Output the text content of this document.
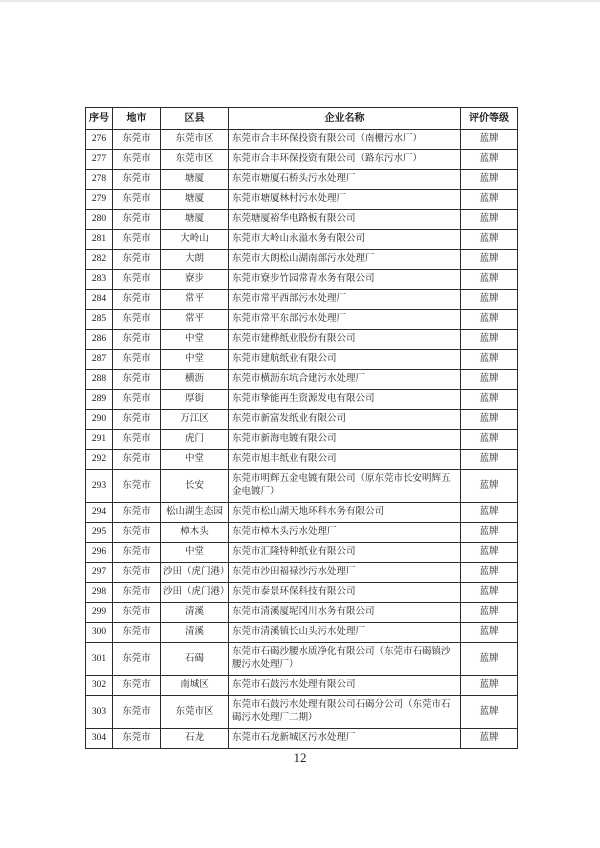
序号	地市	区县	企业名称	评价等级
276	东莞市	东莞市区	东莞市合丰环保投资有限公司（南栅污水厂）	蓝牌
277	东莞市	东莞市区	东莞市合丰环保投资有限公司（路东污水厂）	蓝牌
278	东莞市	塘厦	东莞市塘厦石桥头污水处理厂	蓝牌
279	东莞市	塘厦	东莞市塘厦林村污水处理厂	蓝牌
280	东莞市	塘厦	东莞塘厦裕华电路板有限公司	蓝牌
281	东莞市	大岭山	东莞市大岭山永溢水务有限公司	蓝牌
282	东莞市	大朗	东莞市大朗松山湖南部污水处理厂	蓝牌
283	东莞市	寮步	东莞市寮步竹园常青水务有限公司	蓝牌
284	东莞市	常平	东莞市常平西部污水处理厂	蓝牌
285	东莞市	常平	东莞市常平东部污水处理厂	蓝牌
286	东莞市	中堂	东莞市建桦纸业股份有限公司	蓝牌
287	东莞市	中堂	东莞市建航纸业有限公司	蓝牌
288	东莞市	横沥	东莞市横沥东坑合建污水处理厂	蓝牌
289	东莞市	厚街	东莞市挚能再生资源发电有限公司	蓝牌
290	东莞市	万江区	东莞市新富发纸业有限公司	蓝牌
291	东莞市	虎门	东莞市新海电镀有限公司	蓝牌
292	东莞市	中堂	东莞市旭丰纸业有限公司	蓝牌
293	东莞市	长安	东莞市明辉五金电镀有限公司（原东莞市长安明辉五金电镀厂）	蓝牌
294	东莞市	松山湖生态园	东莞市松山湖天地环科水务有限公司	蓝牌
295	东莞市	樟木头	东莞市樟木头污水处理厂	蓝牌
296	东莞市	中堂	东莞市汇隆特种纸业有限公司	蓝牌
297	东莞市	沙田（虎门港）	东莞市沙田福禄沙污水处理厂	蓝牌
298	东莞市	沙田（虎门港）	东莞市泰景环保科技有限公司	蓝牌
299	东莞市	清溪	东莞市清溪厦坭冈川水务有限公司	蓝牌
300	东莞市	清溪	东莞市清溪镇长山头污水处理厂	蓝牌
301	东莞市	石碣	东莞市石碣沙腰水质净化有限公司（东莞市石碣镇沙腰污水处理厂）	蓝牌
302	东莞市	南城区	东莞市石鼓污水处理有限公司	蓝牌
303	东莞市	东莞市区	东莞市石鼓污水处理有限公司石碣分公司（东莞市石碣污水处理厂二期）	蓝牌
304	东莞市	石龙	东莞市石龙新城区污水处理厂	蓝牌
12
